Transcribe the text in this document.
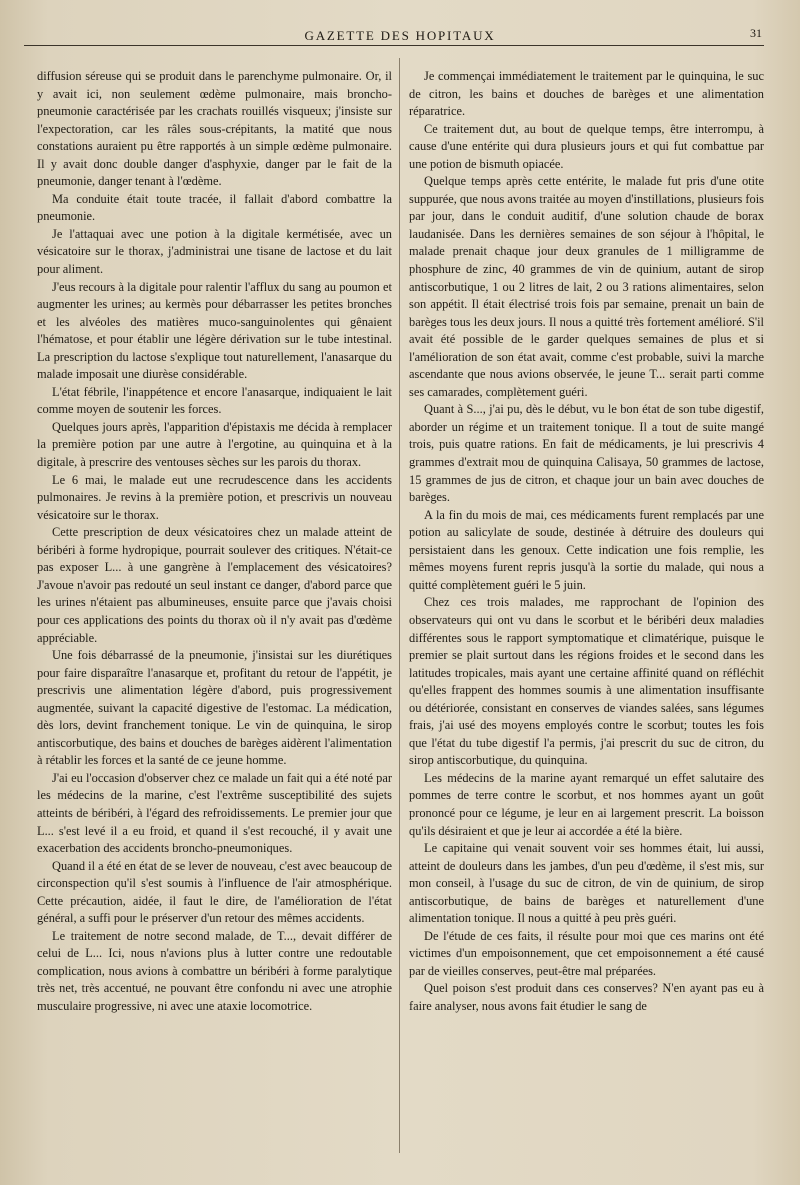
GAZETTE DES HOPITAUX	31

diffusion séreuse qui se produit dans le parenchyme pulmonaire. Or, il y avait ici, non seulement œdème pulmonaire, mais broncho-pneumonie caractérisée par les crachats rouillés visqueux; j'insiste sur l'expectoration, car les râles sous-crépitants, la matité que nous constations auraient pu être rapportés à un simple œdème pulmonaire. Il y avait donc double danger d'asphyxie, danger par le fait de la pneumonie, danger tenant à l'œdème.

Ma conduite était toute tracée, il fallait d'abord combattre la pneumonie.

Je l'attaquai avec une potion à la digitale kermétisée, avec un vésicatoire sur le thorax, j'administrai une tisane de lactose et du lait pour aliment.

J'eus recours à la digitale pour ralentir l'afflux du sang au poumon et augmenter les urines; au kermès pour débarrasser les petites bronches et les alvéoles des matières muco-sanguinolentes qui gênaient l'hématose, et pour établir une légère dérivation sur le tube intestinal. La prescription du lactose s'explique tout naturellement, l'anasarque du malade imposait une diurèse considérable.

L'état fébrile, l'inappétence et encore l'anasarque, indiquaient le lait comme moyen de soutenir les forces.

Quelques jours après, l'apparition d'épistaxis me décida à remplacer la première potion par une autre à l'ergotine, au quinquina et à la digitale, à prescrire des ventouses sèches sur les parois du thorax.

Le 6 mai, le malade eut une recrudescence dans les accidents pulmonaires. Je revins à la première potion, et prescrivis un nouveau vésicatoire sur le thorax.

Cette prescription de deux vésicatoires chez un malade atteint de béribéri à forme hydropique, pourrait soulever des critiques. N'était-ce pas exposer L... à une gangrène à l'emplacement des vésicatoires? J'avoue n'avoir pas redouté un seul instant ce danger, d'abord parce que les urines n'étaient pas albumineuses, ensuite parce que j'avais choisi pour ces applications des points du thorax où il n'y avait pas d'œdème appréciable.

Une fois débarrassé de la pneumonie, j'insistai sur les diurétiques pour faire disparaître l'anasarque et, profitant du retour de l'appétit, je prescrivis une alimentation légère d'abord, puis progressivement augmentée, suivant la capacité digestive de l'estomac. La médication, dès lors, devint franchement tonique. Le vin de quinquina, le sirop antiscorbutique, des bains et douches de barèges aidèrent l'alimentation à rétablir les forces et la santé de ce jeune homme.

J'ai eu l'occasion d'observer chez ce malade un fait qui a été noté par les médecins de la marine, c'est l'extrême susceptibilité des sujets atteints de béribéri, à l'égard des refroidissements. Le premier jour que L... s'est levé il a eu froid, et quand il s'est recouché, il y avait une exacerbation des accidents broncho-pneumoniques.

Quand il a été en état de se lever de nouveau, c'est avec beaucoup de circonspection qu'il s'est soumis à l'influence de l'air atmosphérique. Cette précaution, aidée, il faut le dire, de l'amélioration de l'état général, a suffi pour le préserver d'un retour des mêmes accidents.

Le traitement de notre second malade, de T..., devait différer de celui de L... Ici, nous n'avions plus à lutter contre une redoutable complication, nous avions à combattre un béribéri à forme paralytique très net, très accentué, ne pouvant être confondu ni avec une atrophie musculaire progressive, ni avec une ataxie locomotrice.

Je commençai immédiatement le traitement par le quinquina, le suc de citron, les bains et douches de barèges et une alimentation réparatrice.

Ce traitement dut, au bout de quelque temps, être interrompu, à cause d'une entérite qui dura plusieurs jours et qui fut combattue par une potion de bismuth opiacée.

Quelque temps après cette entérite, le malade fut pris d'une otite suppurée, que nous avons traitée au moyen d'instillations, plusieurs fois par jour, dans le conduit auditif, d'une solution chaude de borax laudanisée. Dans les dernières semaines de son séjour à l'hôpital, le malade prenait chaque jour deux granules de 1 milligramme de phosphure de zinc, 40 grammes de vin de quinium, autant de sirop antiscorbutique, 1 ou 2 litres de lait, 2 ou 3 rations alimentaires, selon son appétit. Il était électrisé trois fois par semaine, prenait un bain de barèges tous les deux jours. Il nous a quitté très fortement amélioré. S'il avait été possible de le garder quelques semaines de plus et si l'amélioration de son état avait, comme c'est probable, suivi la marche ascendante que nous avions observée, le jeune T... serait parti comme ses camarades, complètement guéri.

Quant à S..., j'ai pu, dès le début, vu le bon état de son tube digestif, aborder un régime et un traitement tonique. Il a tout de suite mangé trois, puis quatre rations. En fait de médicaments, je lui prescrivis 4 grammes d'extrait mou de quinquina Calisaya, 50 grammes de lactose, 15 grammes de jus de citron, et chaque jour un bain avec douches de barèges.

A la fin du mois de mai, ces médicaments furent remplacés par une potion au salicylate de soude, destinée à détruire des douleurs qui persistaient dans les genoux. Cette indication une fois remplie, les mêmes moyens furent repris jusqu'à la sortie du malade, qui nous a quitté complètement guéri le 5 juin.

Chez ces trois malades, me rapprochant de l'opinion des observateurs qui ont vu dans le scorbut et le béribéri deux maladies différentes sous le rapport symptomatique et climatérique, puisque le premier se plait surtout dans les régions froides et le second dans les latitudes tropicales, mais ayant une certaine affinité quand on réfléchit qu'elles frappent des hommes soumis à une alimentation insuffisante ou détériorée, consistant en conserves de viandes salées, sans légumes frais, j'ai usé des moyens employés contre le scorbut; toutes les fois que l'état du tube digestif l'a permis, j'ai prescrit du suc de citron, du sirop antiscorbutique, du quinquina.

Les médecins de la marine ayant remarqué un effet salutaire des pommes de terre contre le scorbut, et nos hommes ayant un goût prononcé pour ce légume, je leur en ai largement prescrit. La boisson qu'ils désiraient et que je leur ai accordée a été la bière.

Le capitaine qui venait souvent voir ses hommes était, lui aussi, atteint de douleurs dans les jambes, d'un peu d'œdème, il s'est mis, sur mon conseil, à l'usage du suc de citron, de vin de quinium, de sirop antiscorbutique, de bains de barèges et naturellement d'une alimentation tonique. Il nous a quitté à peu près guéri.

De l'étude de ces faits, il résulte pour moi que ces marins ont été victimes d'un empoisonnement, que cet empoisonnement a été causé par de vieilles conserves, peut-être mal préparées.

Quel poison s'est produit dans ces conserves? N'en ayant pas eu à faire analyser, nous avons fait étudier le sang de
